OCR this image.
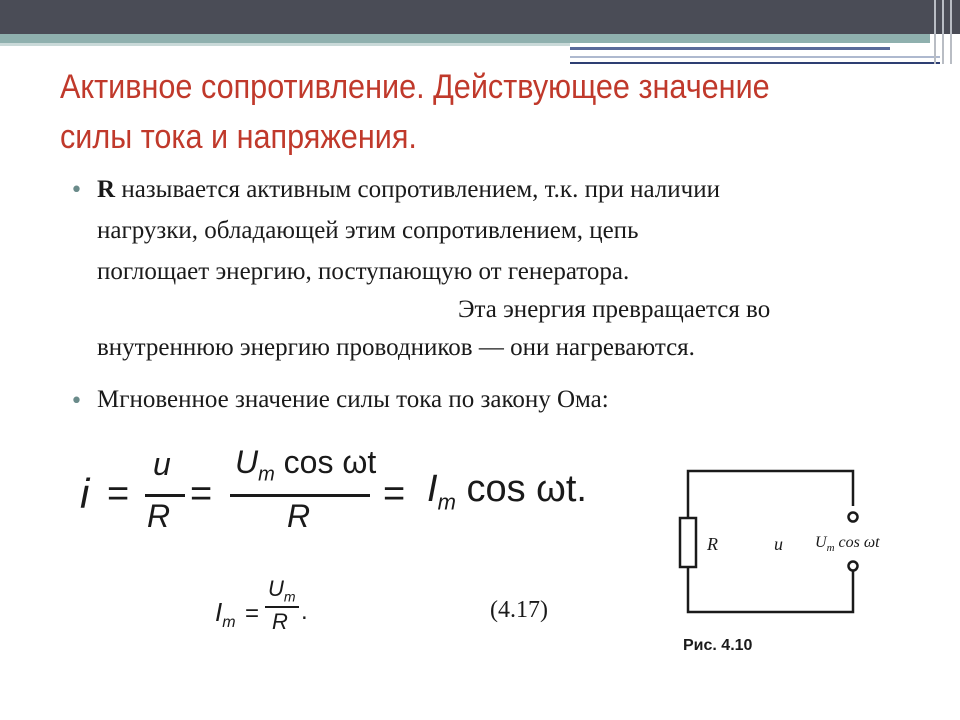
Активное сопротивление. Действующее значение
силы тока и напряжения.
• R называется активным сопротивлением, т.к. при наличии
нагрузки, обладающей этим сопротивлением, цепь
поглощает энергию, поступающую от генератора.
Эта энергия превращается во
внутреннюю энергию проводников — они нагреваются.
• Мгновенное значение силы тока по закону Ома:
i =
u
R
=
$U_m$ cos ωt
R
= $I_m$ cos ωt.
$I_m$ =
$U_m$
R .	(4.17)
R	u $U_m$ cos ωt
Рис. 4.10
